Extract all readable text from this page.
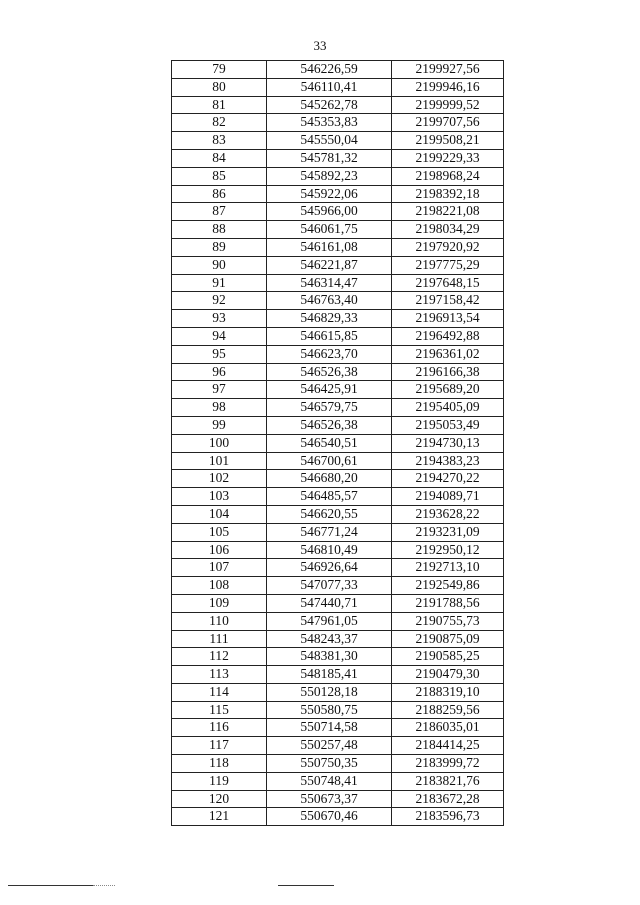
33
79	546226,59	2199927,56
80	546110,41	2199946,16
81	545262,78	2199999,52
82	545353,83	2199707,56
83	545550,04	2199508,21
84	545781,32	2199229,33
85	545892,23	2198968,24
86	545922,06	2198392,18
87	545966,00	2198221,08
88	546061,75	2198034,29
89	546161,08	2197920,92
90	546221,87	2197775,29
91	546314,47	2197648,15
92	546763,40	2197158,42
93	546829,33	2196913,54
94	546615,85	2196492,88
95	546623,70	2196361,02
96	546526,38	2196166,38
97	546425,91	2195689,20
98	546579,75	2195405,09
99	546526,38	2195053,49
100	546540,51	2194730,13
101	546700,61	2194383,23
102	546680,20	2194270,22
103	546485,57	2194089,71
104	546620,55	2193628,22
105	546771,24	2193231,09
106	546810,49	2192950,12
107	546926,64	2192713,10
108	547077,33	2192549,86
109	547440,71	2191788,56
110	547961,05	2190755,73
111	548243,37	2190875,09
112	548381,30	2190585,25
113	548185,41	2190479,30
114	550128,18	2188319,10
115	550580,75	2188259,56
116	550714,58	2186035,01
117	550257,48	2184414,25
118	550750,35	2183999,72
119	550748,41	2183821,76
120	550673,37	2183672,28
121	550670,46	2183596,73
